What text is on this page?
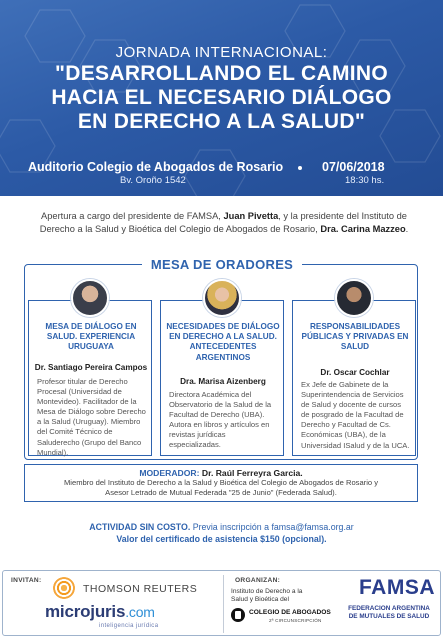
JORNADA INTERNACIONAL:
"DESARROLLANDO EL CAMINO
HACIA EL NECESARIO DIÁLOGO
EN DERECHO A LA SALUD"
Auditorio Colegio de Abogados de Rosario
Bv. Oroño 1542
07/06/2018
18:30 hs.
Apertura a cargo del presidente de FAMSA, Juan Pivetta, y la presidente del Instituto de Derecho a la Salud y Bioética del Colegio de Abogados de Rosario, Dra. Carina Mazzeo.
MESA DE ORADORES
MESA DE DIÁLOGO EN SALUD. EXPERIENCIA URUGUAYA
Dr. Santiago Pereira Campos
Profesor titular de Derecho Procesal (Universidad de Montevideo). Facilitador de la Mesa de Diálogo sobre Derecho a la Salud (Uruguay). Miembro del Comité Técnico de Saluderecho (Grupo del Banco Mundial).
NECESIDADES DE DIÁLOGO EN DERECHO A LA SALUD. ANTECEDENTES ARGENTINOS
Dra. Marisa Aizenberg
Directora Académica del Observatorio de la Salud de la Facultad de Derecho (UBA). Autora en libros y artículos en revistas jurídicas especializadas.
RESPONSABILIDADES PÚBLICAS Y PRIVADAS EN SALUD
Dr. Oscar Cochlar
Ex Jefe de Gabinete de la Superintendencia de Servicios de Salud y docente de cursos de posgrado de la Facultad de Derecho y Facultad de Cs. Económicas (UBA), de la Universidad ISalud y de la UCA.
MODERADOR: Dr. Raúl Ferreyra Garcia.
Miembro del Instituto de Derecho a la Salud y Bioética del Colegio de Abogados de Rosario y
Asesor Letrado de Mutual Federada "25 de Junio" (Federada Salud).
ACTIVIDAD SIN COSTO. Previa inscripción a famsa@famsa.org.ar
Valor del certificado de asistencia $150 (opcional).
INVITAN:
THOMSON REUTERS
microjuris.com
inteligencia jurídica
ORGANIZAN:
Instituto de Derecho a la Salud y Bioética del
COLEGIO DE ABOGADOS
2ª CIRCUNSCRIPCIÓN
FAMSA
FEDERACION ARGENTINA
DE MUTUALES DE SALUD
